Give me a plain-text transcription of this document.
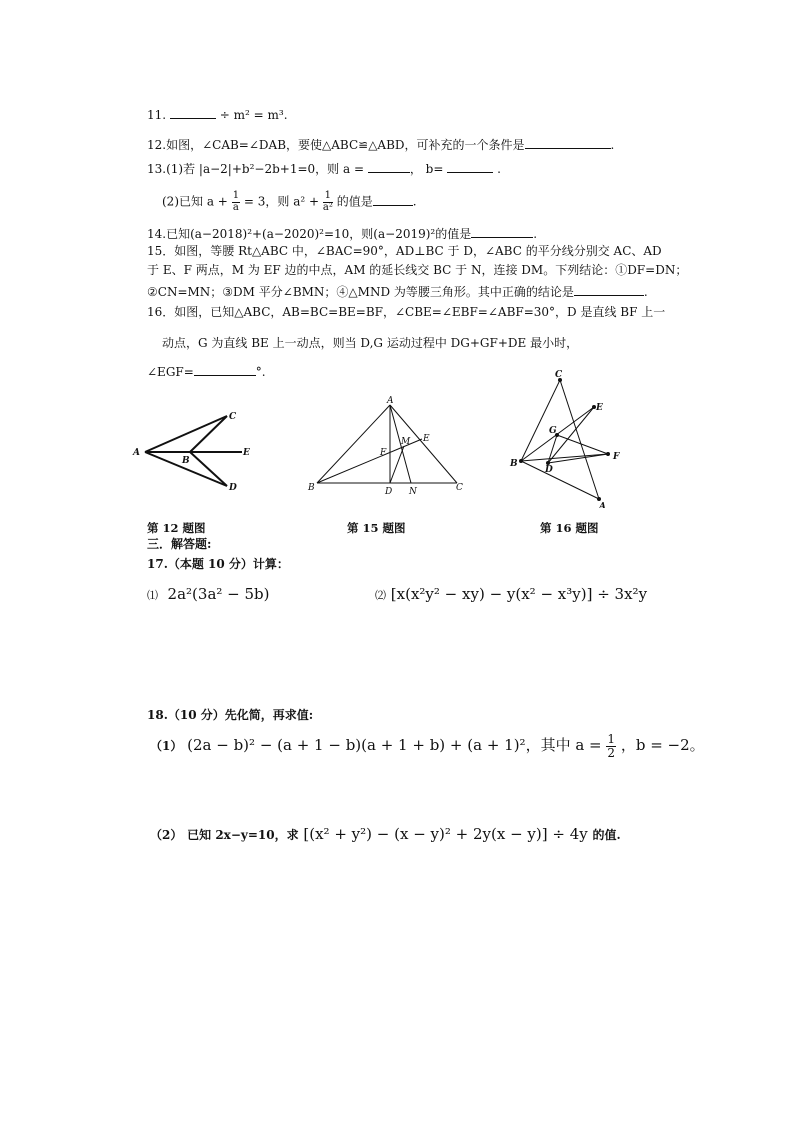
11.	÷ m² = m³.
12.如图，∠CAB=∠DAB，要使△ABC≌△ABD，可补充的一个条件是	.
13.(1)若 |a−2|+b²−2b+1=0，则 a =	， b=	.
(2)已知 $a + \frac{1}{a} = 3$，则 $a^2 + \frac{1}{\text{a²}}$ 的值是	.
14.已知(a−2018)²+(a−2020)²=10，则(a−2019)²的值是	.
15．如图，等腰 Rt△ABC 中，∠BAC=90°，AD⊥BC 于 D，∠ABC 的平分线分别交 AC、AD
于 E、F 两点，M 为 EF 边的中点，AM 的延长线交 BC 于 N，连接 DM。下列结论：①DF=DN；
②CN=MN；③DM 平分∠BMN；④△MND 为等腰三角形。其中正确的结论是	.
16．如图，已知△ABC，AB=BC=BE=BF，∠CBE=∠EBF=∠ABF=30°，D 是直线 BF 上一
动点，G 为直线 BE 上一动点，则当 D,G 运动过程中 DG+GF+DE 最小时，
∠EGF=	°.
A
B
C
D
E
第 12 题图
A
B	C
D N
M E
F
第 15 题图
C
B
A
E
F
D
G
第 16 题图
三．解答题:
17.（本题 10 分）计算：
⑴ 2a²(3a² − 5b)	⑵ [x(x²y² − xy) − y(x² − x³y)] ÷ 3x²y
18.（10 分）先化简，再求值:
（1） (2a − b)² − (a + 1 − b)(a + 1 + b) + (a + 1)²，其中 $a = \frac{1}{2}$ ，b = −2。
（2） 已知 2x−y=10，求 [(x² + y²) − (x − y)² + 2y(x − y)] ÷ 4y 的值.
